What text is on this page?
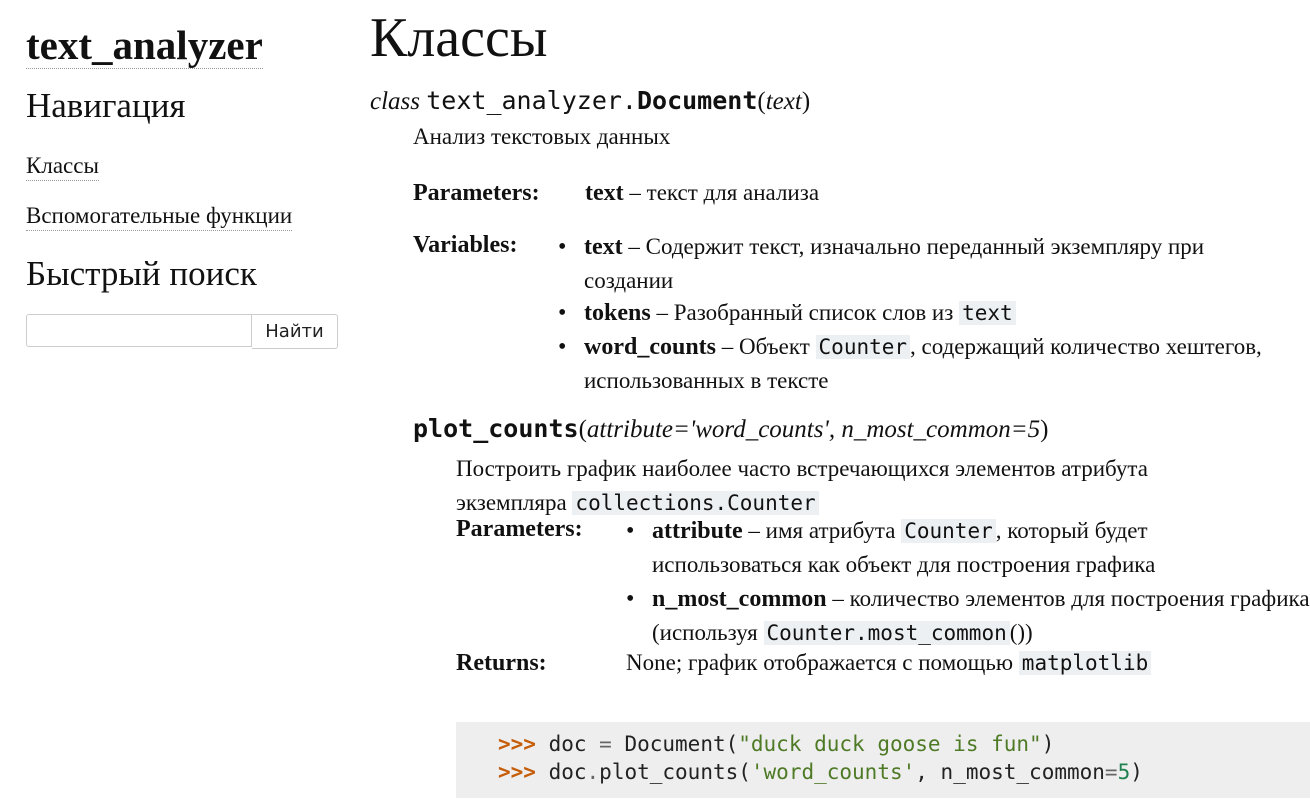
text_analyzer
Навигация
Классы
Вспомогательные функции
Быстрый поиск
Найти
Классы
class text_analyzer.Document(text)
Анализ текстовых данных
Parameters: text – текст для анализа
Variables:	• text – Содержит текст, изначально переданный экземпляру при создании
• tokens – Разобранный список слов из text
• word_counts – Объект Counter , содержащий количество хештегов, использованных в тексте
plot_counts(attribute='word_counts', n_most_common=5)
Построить график наиболее часто встречающихся элементов атрибута экземпляра collections.Counter
Parameters:	• attribute – имя атрибута Counter , который будет использоваться как объект для построения графика
• n_most_common – количество элементов для построения графика (используя Counter.most_common ())
Returns:	None; график отображается с помощью matplotlib
>>> doc = Document("duck duck goose is fun")
>>> doc.plot_counts('word_counts', n_most_common=5)
